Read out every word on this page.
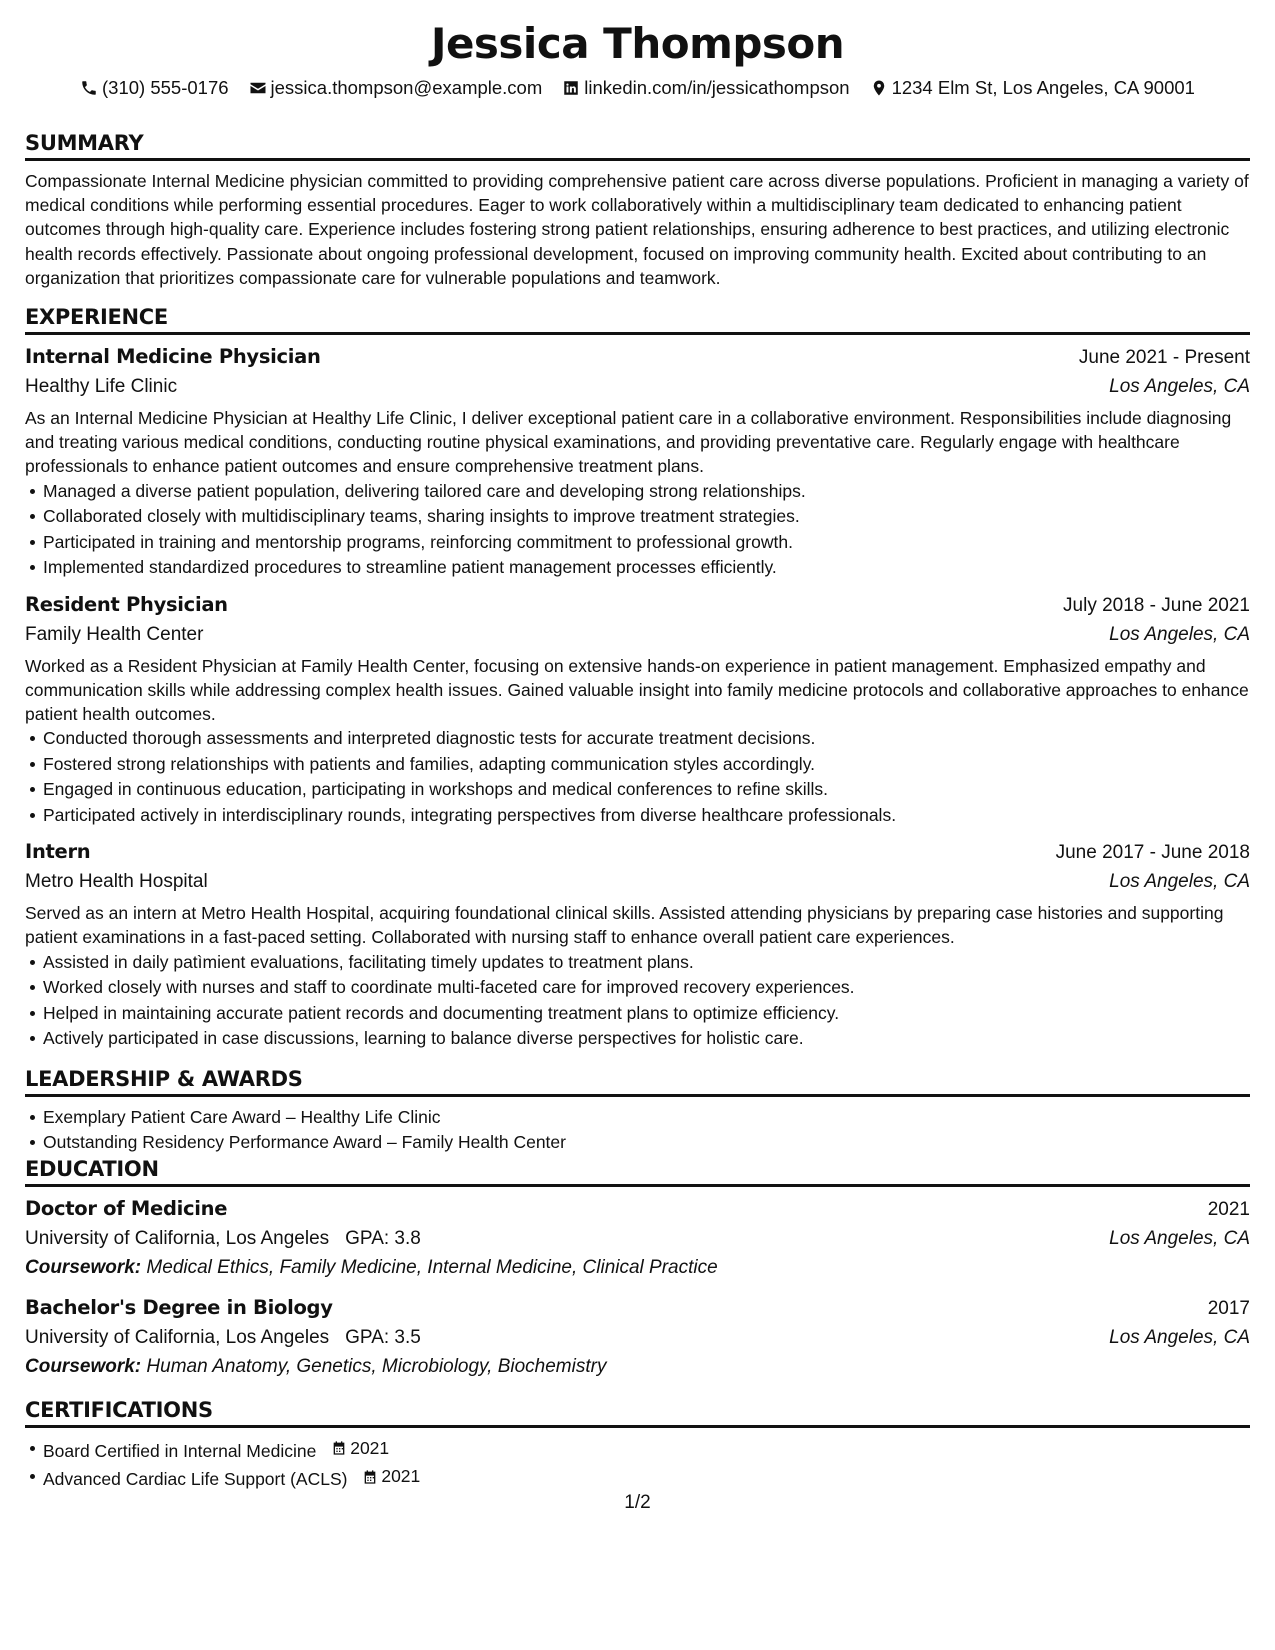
Jessica Thompson
(310) 555-0176 jessica.thompson@example.com linkedin.com/in/jessicathompson 1234 Elm St, Los Angeles, CA 90001
SUMMARY

Compassionate Internal Medicine physician committed to providing comprehensive patient care across diverse populations. Proficient in managing a variety of medical conditions while performing essential procedures. Eager to work collaboratively within a multidisciplinary team dedicated to enhancing patient outcomes through high-quality care. Experience includes fostering strong patient relationships, ensuring adherence to best practices, and utilizing electronic health records effectively. Passionate about ongoing professional development, focused on improving community health. Excited about contributing to an organization that prioritizes compassionate care for vulnerable populations and teamwork.

EXPERIENCE
Internal Medicine Physician	June 2021 - Present
Healthy Life Clinic	Los Angeles, CA

As an Internal Medicine Physician at Healthy Life Clinic, I deliver exceptional patient care in a collaborative environment. Responsibilities include diagnosing and treating various medical conditions, conducting routine physical examinations, and providing preventative care. Regularly engage with healthcare professionals to enhance patient outcomes and ensure comprehensive treatment plans.

Managed a diverse patient population, delivering tailored care and developing strong relationships.
Collaborated closely with multidisciplinary teams, sharing insights to improve treatment strategies.
Participated in training and mentorship programs, reinforcing commitment to professional growth.
Implemented standardized procedures to streamline patient management processes efficiently.
Resident Physician	July 2018 - June 2021
Family Health Center	Los Angeles, CA

Worked as a Resident Physician at Family Health Center, focusing on extensive hands-on experience in patient management. Emphasized empathy and communication skills while addressing complex health issues. Gained valuable insight into family medicine protocols and collaborative approaches to enhance patient health outcomes.

Conducted thorough assessments and interpreted diagnostic tests for accurate treatment decisions.
Fostered strong relationships with patients and families, adapting communication styles accordingly.
Engaged in continuous education, participating in workshops and medical conferences to refine skills.
Participated actively in interdisciplinary rounds, integrating perspectives from diverse healthcare professionals.
Intern	June 2017 - June 2018
Metro Health Hospital	Los Angeles, CA

Served as an intern at Metro Health Hospital, acquiring foundational clinical skills. Assisted attending physicians by preparing case histories and supporting patient examinations in a fast-paced setting. Collaborated with nursing staff to enhance overall patient care experiences.

Assisted in daily patìmient evaluations, facilitating timely updates to treatment plans.
Worked closely with nurses and staff to coordinate multi-faceted care for improved recovery experiences.
Helped in maintaining accurate patient records and documenting treatment plans to optimize efficiency.
Actively participated in case discussions, learning to balance diverse perspectives for holistic care.
LEADERSHIP & AWARDS
Exemplary Patient Care Award – Healthy Life Clinic
Outstanding Residency Performance Award – Family Health Center
EDUCATION
Doctor of Medicine	2021
University of California, Los Angeles GPA: 3.8	Los Angeles, CA
Coursework: Medical Ethics, Family Medicine, Internal Medicine, Clinical Practice
Bachelor's Degree in Biology	2017
University of California, Los Angeles GPA: 3.5	Los Angeles, CA
Coursework: Human Anatomy, Genetics, Microbiology, Biochemistry
CERTIFICATIONS
Board Certified in Internal Medicine 2021
Advanced Cardiac Life Support (ACLS) 2021
1/2
